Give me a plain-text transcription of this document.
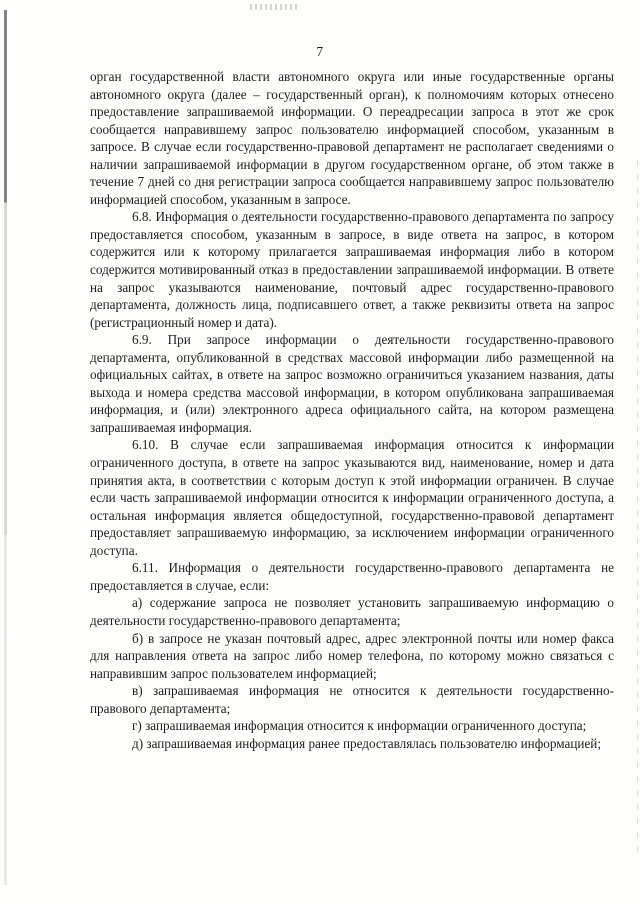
7

орган государственной власти автономного округа или иные государственные органы автономного округа (далее – государственный орган), к полномочиям которых отнесено предоставление запрашиваемой информации. О переадресации запроса в этот же срок сообщается направившему запрос пользователю информацией способом, указанным в запросе. В случае если государственно-правовой департамент не располагает сведениями о наличии запрашиваемой информации в другом государственном органе, об этом также в течение 7 дней со дня регистрации запроса сообщается направившему запрос пользователю информацией способом, указанным в запросе.

6.8. Информация о деятельности государственно-правового департамента по запросу предоставляется способом, указанным в запросе, в виде ответа на запрос, в котором содержится или к которому прилагается запрашиваемая информация либо в котором содержится мотивированный отказ в предоставлении запрашиваемой информации. В ответе на запрос указываются наименование, почтовый адрес государственно-правового департамента, должность лица, подписавшего ответ, а также реквизиты ответа на запрос (регистрационный номер и дата).

6.9. При запросе информации о деятельности государственно-правового департамента, опубликованной в средствах массовой информации либо размещенной на официальных сайтах, в ответе на запрос возможно ограничиться указанием названия, даты выхода и номера средства массовой информации, в котором опубликована запрашиваемая информация, и (или) электронного адреса официального сайта, на котором размещена запрашиваемая информация.

6.10. В случае если запрашиваемая информация относится к информации ограниченного доступа, в ответе на запрос указываются вид, наименование, номер и дата принятия акта, в соответствии с которым доступ к этой информации ограничен. В случае если часть запрашиваемой информации относится к информации ограниченного доступа, а остальная информация является общедоступной, государственно-правовой департамент предоставляет запрашиваемую информацию, за исключением информации ограниченного доступа.

6.11. Информация о деятельности государственно-правового департамента не предоставляется в случае, если:

а) содержание запроса не позволяет установить запрашиваемую информацию о деятельности государственно-правового департамента;

б) в запросе не указан почтовый адрес, адрес электронной почты или номер факса для направления ответа на запрос либо номер телефона, по которому можно связаться с направившим запрос пользователем информацией;

в) запрашиваемая информация не относится к деятельности государственно-правового департамента;

г) запрашиваемая информация относится к информации ограниченного доступа;

д) запрашиваемая информация ранее предоставлялась пользователю информацией;
